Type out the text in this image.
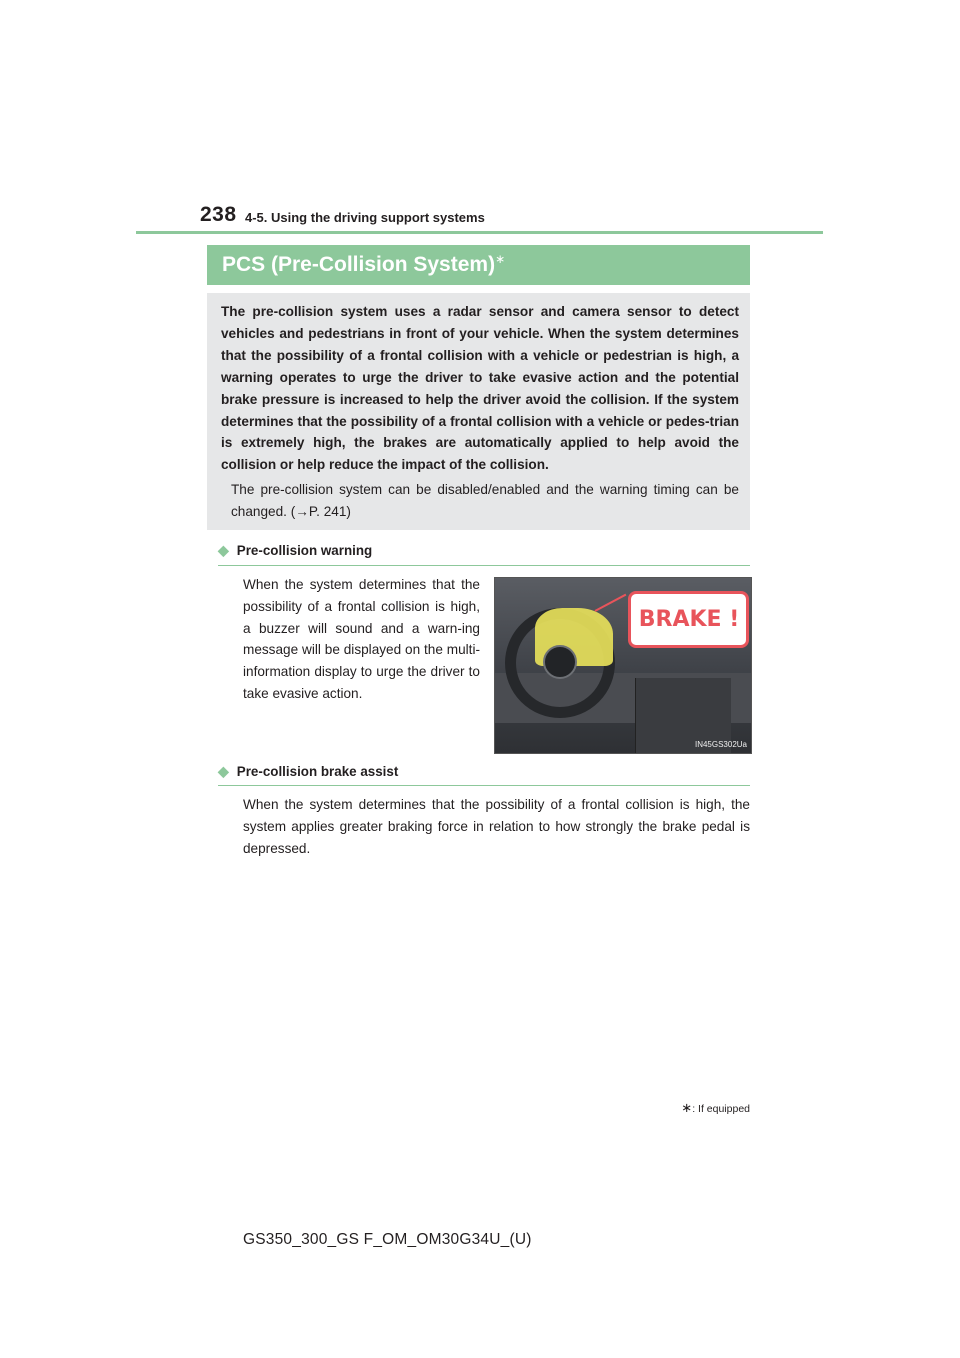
238 4-5. Using the driving support systems
PCS (Pre-Collision System)∗

The pre-collision system uses a radar sensor and camera sensor to detect vehicles and pedestrians in front of your vehicle. When the system determines that the possibility of a frontal collision with a vehicle or pedestrian is high, a warning operates to urge the driver to take evasive action and the potential brake pressure is increased to help the driver avoid the collision. If the system determines that the possibility of a frontal collision with a vehicle or pedes-trian is extremely high, the brakes are automatically applied to help avoid the collision or help reduce the impact of the collision.

The pre-collision system can be disabled/enabled and the warning timing can be changed. (→P. 241)

◆ Pre-collision warning

When the system determines that the possibility of a frontal collision is high, a buzzer will sound and a warn-ing message will be displayed on the multi-information display to urge the driver to take evasive action.

BRAKE !
IN45GS302Ua
◆ Pre-collision brake assist

When the system determines that the possibility of a frontal collision is high, the system applies greater braking force in relation to how strongly the brake pedal is depressed.

∗: If equipped
GS350_300_GS F_OM_OM30G34U_(U)
